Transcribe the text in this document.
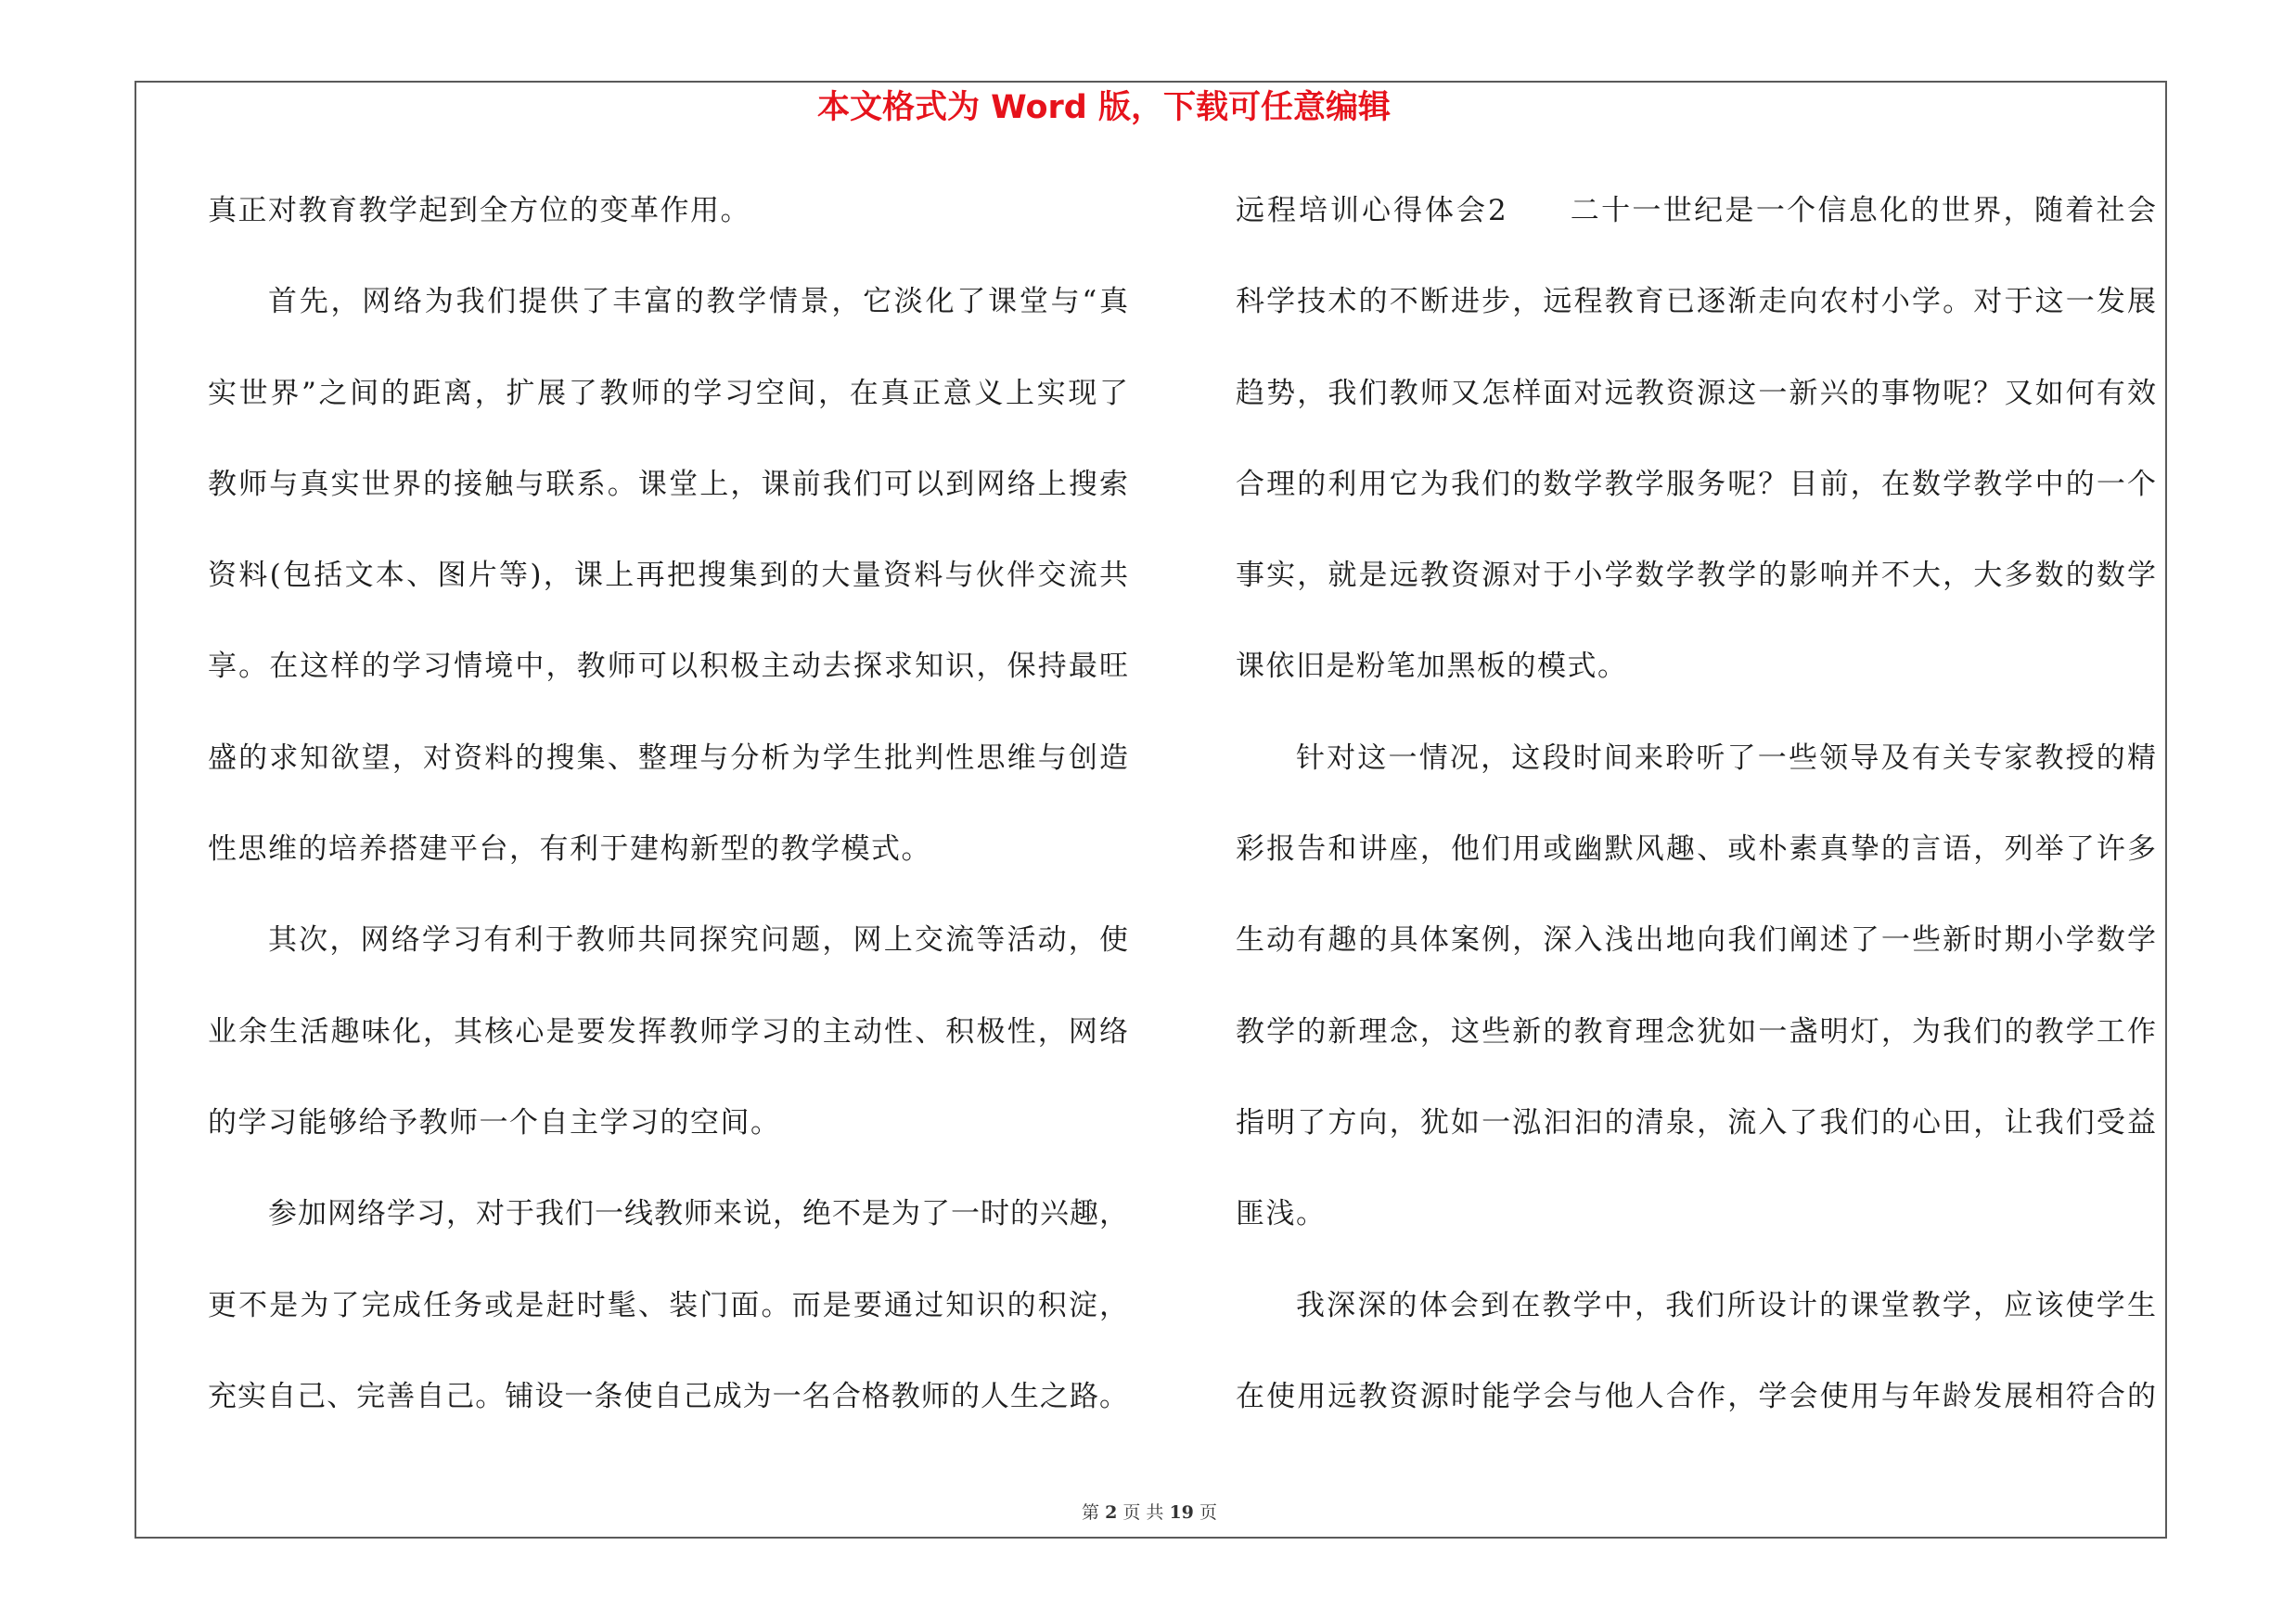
本文格式为 Word 版，下载可任意编辑
真正对教育教学起到全方位的变革作用。
首先，网络为我们提供了丰富的教学情景，它淡化了课堂与“真
实世界”之间的距离，扩展了教师的学习空间，在真正意义上实现了
教师与真实世界的接触与联系。课堂上，课前我们可以到网络上搜索
资料(包括文本、图片等)，课上再把搜集到的大量资料与伙伴交流共
享。在这样的学习情境中，教师可以积极主动去探求知识，保持最旺
盛的求知欲望，对资料的搜集、整理与分析为学生批判性思维与创造
性思维的培养搭建平台，有利于建构新型的教学模式。
其次，网络学习有利于教师共同探究问题，网上交流等活动，使
业余生活趣味化，其核心是要发挥教师学习的主动性、积极性，网络
的学习能够给予教师一个自主学习的空间。
参加网络学习，对于我们一线教师来说，绝不是为了一时的兴趣，
更不是为了完成任务或是赶时髦、装门面。而是要通过知识的积淀，
充实自己、完善自己。铺设一条使自己成为一名合格教师的人生之路。
远程培训心得体会2 二十一世纪是一个信息化的世界，随着社会
科学技术的不断进步，远程教育已逐渐走向农村小学。对于这一发展
趋势，我们教师又怎样面对远教资源这一新兴的事物呢？又如何有效
合理的利用它为我们的数学教学服务呢？目前，在数学教学中的一个
事实，就是远教资源对于小学数学教学的影响并不大，大多数的数学
课依旧是粉笔加黑板的模式。
针对这一情况，这段时间来聆听了一些领导及有关专家教授的精
彩报告和讲座，他们用或幽默风趣、或朴素真挚的言语，列举了许多
生动有趣的具体案例，深入浅出地向我们阐述了一些新时期小学数学
教学的新理念，这些新的教育理念犹如一盏明灯，为我们的教学工作
指明了方向，犹如一泓汩汩的清泉，流入了我们的心田，让我们受益
匪浅。
我深深的体会到在教学中，我们所设计的课堂教学，应该使学生
在使用远教资源时能学会与他人合作，学会使用与年龄发展相符合的
第 2 页 共 19 页
